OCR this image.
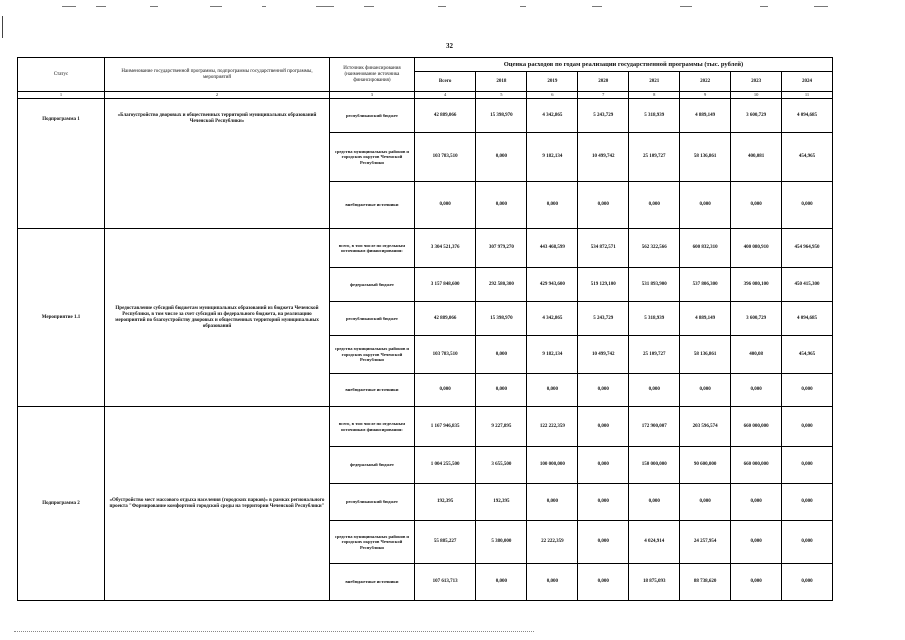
32
Статус	Наименование государственной программы, подпрограммы государственной программы, мероприятий	Источник финансирования (наименование источника финансирования)	Оценка расходов по годам реализации государственной программы (тыс. рублей)							
			Всего	2018	2019	2020	2021	2022	2023	2024
1	2	3	4	5	6	7	8	9	10	11
Подпрограмма 1	«Благоустройство дворовых и общественных территорий муниципальных образований Чеченской Республики»	республиканский бюджет	42 889,066	15 398,970	4 342,865	5 243,729	5 318,939	4 889,149	3 600,729	4 094,685
		средства муниципальных районов и городских округов Чеченской Республики	103 783,510	0,000	9 182,134	10 499,742	25 109,727	58 136,861	400,081	454,965
		внебюджетные источники	0,000	0,000	0,000	0,000	0,000	0,000	0,000	0,000
Мероприятие 1.1	Предоставление субсидий бюджетам муниципальных образований из бюджета Чеченской Республики, в том числе за счет субсидий из федерального бюджета, на реализацию мероприятий по благоустройству дворовых и общественных территорий муниципальных образований	всего, в том числе по отдельным источникам финансирования:	3 304 521,376	307 979,270	443 468,599	534 872,571	562 322,566	600 832,310	400 080,910	454 964,950
		федеральный бюджет	3 157 848,600	292 580,300	429 943,600	519 129,100	531 893,900	537 806,300	396 080,100	450 415,300
		республиканский бюджет	42 889,066	15 398,970	4 342,865	5 243,729	5 318,939	4 889,149	3 600,729	4 094,685
		средства муниципальных районов и городских округов Чеченской Республики	103 783,510	0,000	9 182,134	10 499,742	25 109,727	58 136,861	400,08	454,965
		внебюджетные источники	0,000	0,000	0,000	0,000	0,000	0,000	0,000	0,000
Подпрограмма 2	«Обустройство мест массового отдыха населения (городских парков)» в рамках регионального проекта "Формирование комфортной городской среды на территории Чеченской Республики"	всего, в том числе по отдельным источникам финансирования:	1 167 946,835	9 227,895	122 222,359	0,000	172 900,007	203 596,574	660 000,000	0,000
		федеральный бюджет	1 004 255,500	3 655,500	100 000,000	0,000	150 000,000	90 600,000	660 000,000	0,000
		республиканский бюджет	192,395	192,395	0,000	0,000	0,000	0,000	0,000	0,000
		средства муниципальных районов и городских округов Чеченской Республики	55 885,227	5 380,000	22 222,359	0,000	4 024,914	24 257,954	0,000	0,000
		внебюджетные источники	107 613,713	0,000	0,000	0,000	18 875,093	88 738,620	0,000	0,000
